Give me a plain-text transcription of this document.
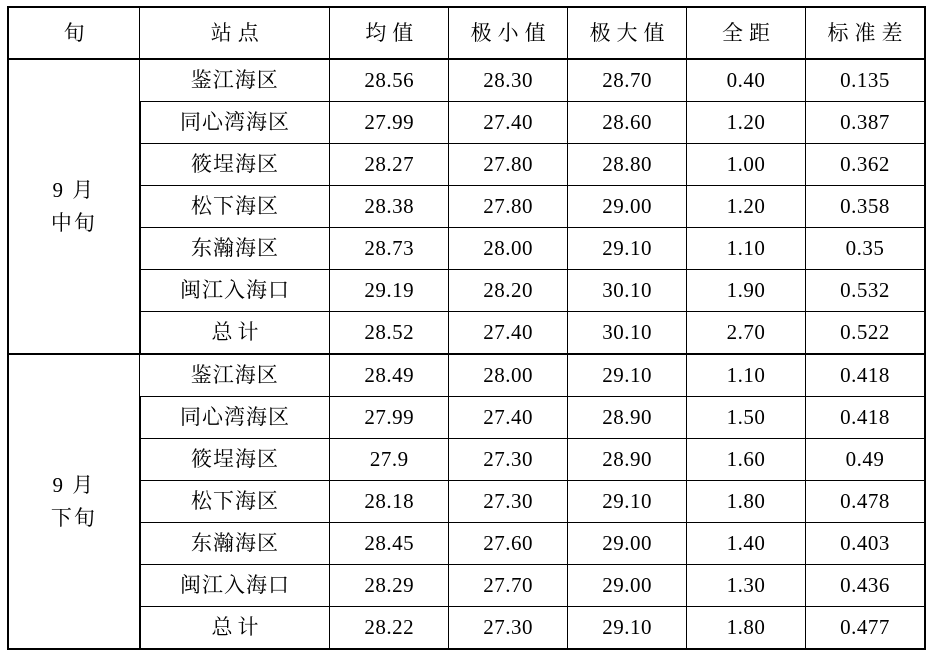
旬	站点	均值	极小值	极大值	全距	标准差

9 月
中旬	鉴江海区	28.56	28.30	28.70	0.40	0.135
	同心湾海区	27.99	27.40	28.60	1.20	0.387
	筱埕海区	28.27	27.80	28.80	1.00	0.362
	松下海区	28.38	27.80	29.00	1.20	0.358
	东瀚海区	28.73	28.00	29.10	1.10	0.35
	闽江入海口	29.19	28.20	30.10	1.90	0.532
	总计	28.52	27.40	30.10	2.70	0.522

9 月
下旬	鉴江海区	28.49	28.00	29.10	1.10	0.418
	同心湾海区	27.99	27.40	28.90	1.50	0.418
	筱埕海区	27.9	27.30	28.90	1.60	0.49
	松下海区	28.18	27.30	29.10	1.80	0.478
	东瀚海区	28.45	27.60	29.00	1.40	0.403
	闽江入海口	28.29	27.70	29.00	1.30	0.436
	总计	28.22	27.30	29.10	1.80	0.477
